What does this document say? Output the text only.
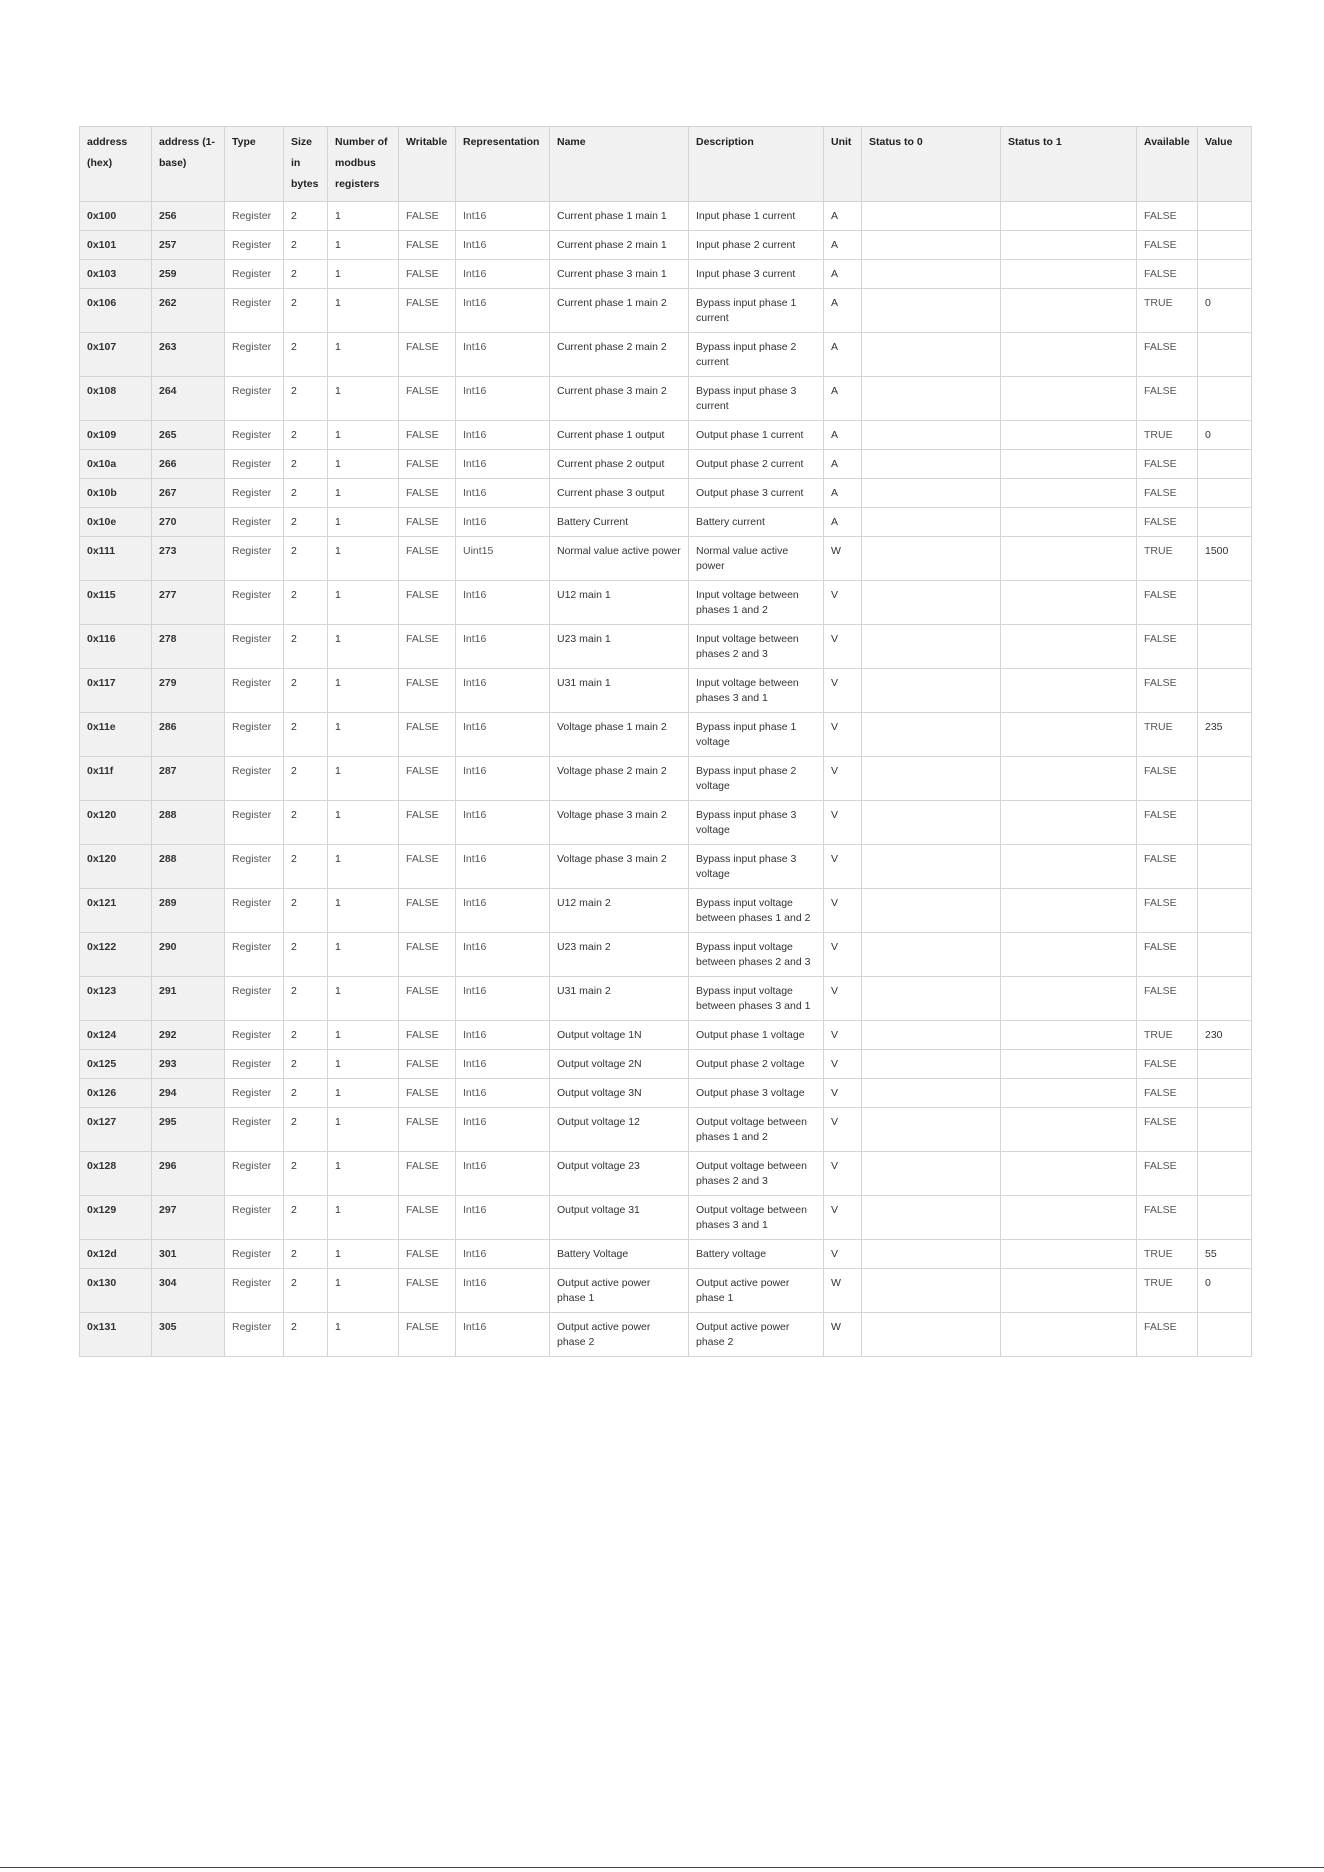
address (hex)	address (1-base)	Type	Size in bytes	Number of modbus registers	Writable	Representation	Name	Description	Unit	Status to 0	Status to 1	Available	Value
0x100	256	Register	2	1	FALSE	Int16	Current phase 1 main 1	Input phase 1 current	A			FALSE	
0x101	257	Register	2	1	FALSE	Int16	Current phase 2 main 1	Input phase 2 current	A			FALSE	
0x103	259	Register	2	1	FALSE	Int16	Current phase 3 main 1	Input phase 3 current	A			FALSE	
0x106	262	Register	2	1	FALSE	Int16	Current phase 1 main 2	Bypass input phase 1 current	A			TRUE	0
0x107	263	Register	2	1	FALSE	Int16	Current phase 2 main 2	Bypass input phase 2 current	A			FALSE	
0x108	264	Register	2	1	FALSE	Int16	Current phase 3 main 2	Bypass input phase 3 current	A			FALSE	
0x109	265	Register	2	1	FALSE	Int16	Current phase 1 output	Output phase 1 current	A			TRUE	0
0x10a	266	Register	2	1	FALSE	Int16	Current phase 2 output	Output phase 2 current	A			FALSE	
0x10b	267	Register	2	1	FALSE	Int16	Current phase 3 output	Output phase 3 current	A			FALSE	
0x10e	270	Register	2	1	FALSE	Int16	Battery Current	Battery current	A			FALSE	
0x111	273	Register	2	1	FALSE	Uint15	Normal value active power	Normal value active power	W			TRUE	1500
0x115	277	Register	2	1	FALSE	Int16	U12 main 1	Input voltage between phases 1 and 2	V			FALSE	
0x116	278	Register	2	1	FALSE	Int16	U23 main 1	Input voltage between phases 2 and 3	V			FALSE	
0x117	279	Register	2	1	FALSE	Int16	U31 main 1	Input voltage between phases 3 and 1	V			FALSE	
0x11e	286	Register	2	1	FALSE	Int16	Voltage phase 1 main 2	Bypass input phase 1 voltage	V			TRUE	235
0x11f	287	Register	2	1	FALSE	Int16	Voltage phase 2 main 2	Bypass input phase 2 voltage	V			FALSE	
0x120	288	Register	2	1	FALSE	Int16	Voltage phase 3 main 2	Bypass input phase 3 voltage	V			FALSE	
0x120	288	Register	2	1	FALSE	Int16	Voltage phase 3 main 2	Bypass input phase 3 voltage	V			FALSE	
0x121	289	Register	2	1	FALSE	Int16	U12 main 2	Bypass input voltage between phases 1 and 2	V			FALSE	
0x122	290	Register	2	1	FALSE	Int16	U23 main 2	Bypass input voltage between phases 2 and 3	V			FALSE	
0x123	291	Register	2	1	FALSE	Int16	U31 main 2	Bypass input voltage between phases 3 and 1	V			FALSE	
0x124	292	Register	2	1	FALSE	Int16	Output voltage 1N	Output phase 1 voltage	V			TRUE	230
0x125	293	Register	2	1	FALSE	Int16	Output voltage 2N	Output phase 2 voltage	V			FALSE	
0x126	294	Register	2	1	FALSE	Int16	Output voltage 3N	Output phase 3 voltage	V			FALSE	
0x127	295	Register	2	1	FALSE	Int16	Output voltage 12	Output voltage between phases 1 and 2	V			FALSE	
0x128	296	Register	2	1	FALSE	Int16	Output voltage 23	Output voltage between phases 2 and 3	V			FALSE	
0x129	297	Register	2	1	FALSE	Int16	Output voltage 31	Output voltage between phases 3 and 1	V			FALSE	
0x12d	301	Register	2	1	FALSE	Int16	Battery Voltage	Battery voltage	V			TRUE	55
0x130	304	Register	2	1	FALSE	Int16	Output active power phase 1	Output active power phase 1	W			TRUE	0
0x131	305	Register	2	1	FALSE	Int16	Output active power phase 2	Output active power phase 2	W			FALSE	
